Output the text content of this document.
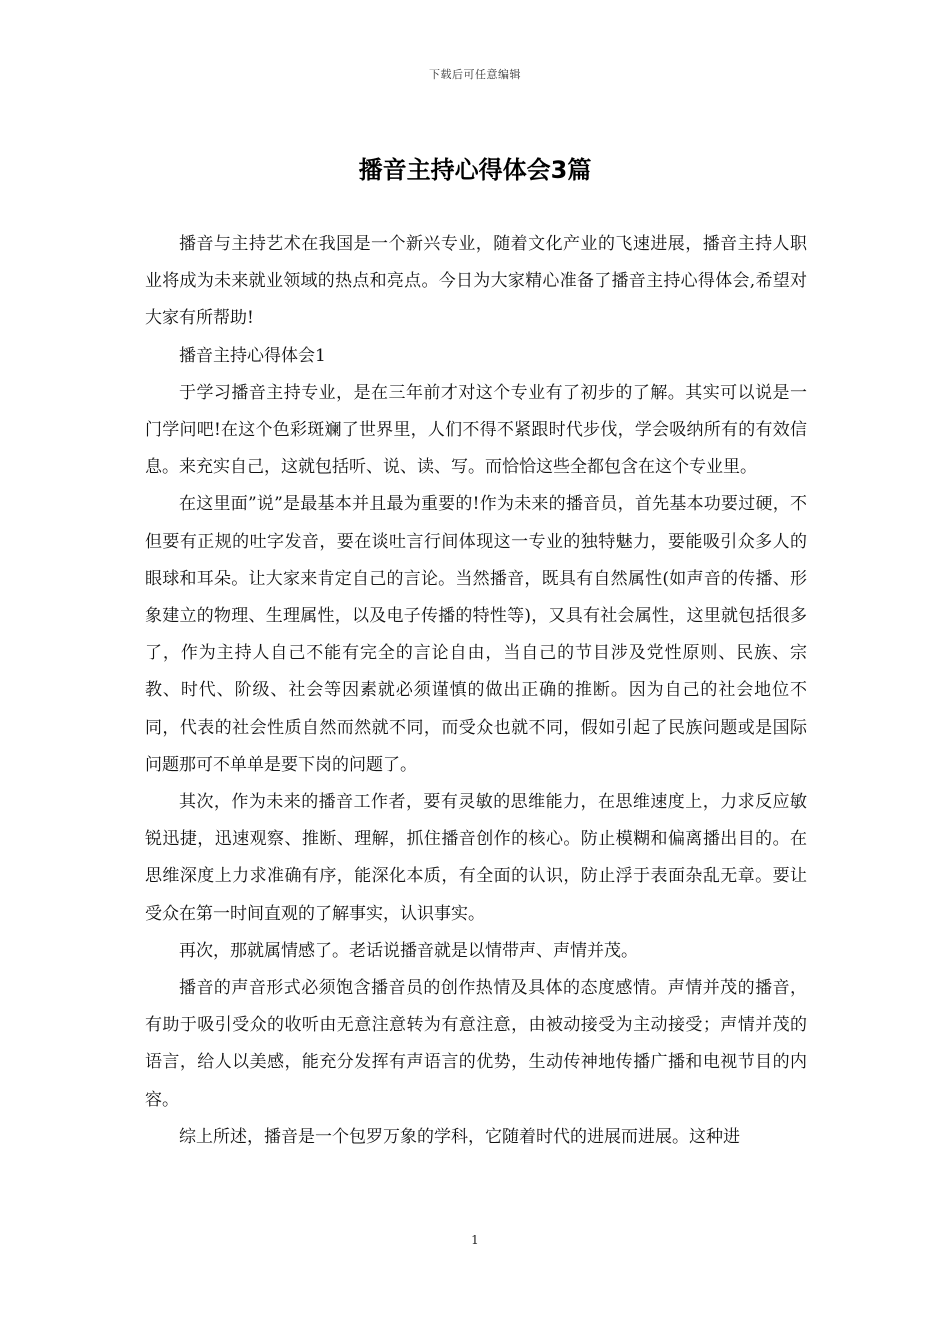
下载后可任意编辑
播音主持心得体会3篇

播音与主持艺术在我国是一个新兴专业，随着文化产业的飞速进展，播音主持人职业将成为未来就业领域的热点和亮点。今日为大家精心准备了播音主持心得体会,希望对大家有所帮助!

播音主持心得体会1

于学习播音主持专业，是在三年前才对这个专业有了初步的了解。其实可以说是一门学问吧!在这个色彩斑斓了世界里，人们不得不紧跟时代步伐，学会吸纳所有的有效信息。来充实自己，这就包括听、说、读、写。而恰恰这些全都包含在这个专业里。

在这里面”说”是最基本并且最为重要的!作为未来的播音员，首先基本功要过硬，不但要有正规的吐字发音，要在谈吐言行间体现这一专业的独特魅力，要能吸引众多人的眼球和耳朵。让大家来肯定自己的言论。当然播音，既具有自然属性(如声音的传播、形象建立的物理、生理属性，以及电子传播的特性等)，又具有社会属性，这里就包括很多了，作为主持人自己不能有完全的言论自由，当自己的节目涉及党性原则、民族、宗教、时代、阶级、社会等因素就必须谨慎的做出正确的推断。因为自己的社会地位不同，代表的社会性质自然而然就不同，而受众也就不同，假如引起了民族问题或是国际问题那可不单单是要下岗的问题了。

其次，作为未来的播音工作者，要有灵敏的思维能力，在思维速度上，力求反应敏锐迅捷，迅速观察、推断、理解，抓住播音创作的核心。防止模糊和偏离播出目的。在思维深度上力求准确有序，能深化本质，有全面的认识，防止浮于表面杂乱无章。要让受众在第一时间直观的了解事实，认识事实。

再次，那就属情感了。老话说播音就是以情带声、声情并茂。

播音的声音形式必须饱含播音员的创作热情及具体的态度感情。声情并茂的播音，有助于吸引受众的收听由无意注意转为有意注意，由被动接受为主动接受；声情并茂的语言，给人以美感，能充分发挥有声语言的优势，生动传神地传播广播和电视节目的内容。

综上所述，播音是一个包罗万象的学科，它随着时代的进展而进展。这种进

1
